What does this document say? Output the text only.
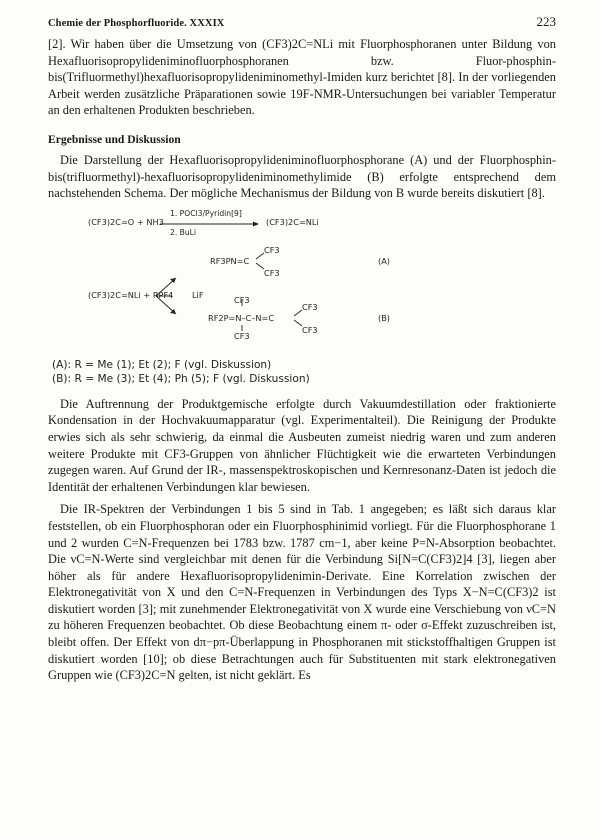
Chemie der Phosphorfluoride. XXXIX	223

[2]. Wir haben über die Umsetzung von (CF3)2C=NLi mit Fluorphosphoranen unter Bildung von Hexafluorisopropylideniminofluorphosphoranen bzw. Fluor-phosphin-bis(Trifluormethyl)hexafluorisopropylideniminomethyl-Imiden kurz berichtet [8]. In der vorliegenden Arbeit werden zusätzliche Präparationen sowie 19F-NMR-Untersuchungen bei variabler Temperatur an den erhaltenen Produkten beschrieben.

Ergebnisse und Diskussion

Die Darstellung der Hexafluorisopropylideniminofluorphosphorane (A) und der Fluorphosphin-bis(trifluormethyl)-hexafluorisopropylideniminomethylimide (B) erfolgte entsprechend dem nachstehenden Schema. Der mögliche Mechanismus der Bildung von B wurde bereits diskutiert [8].

(CF3)2C=O + NH3
1. POCl3/Pyridin[9]
2. BuLi
(CF3)2C=NLi
CF3
RF3PN=C
CF3
(A)
(CF3)2C=NLi + RPF4 LiF	CF3
CF3
RF2P=N–C–N=C
CF3
CF3
(B)
(A): R = Me (1); Et (2); F (vgl. Diskussion)
(B): R = Me (3); Et (4); Ph (5); F (vgl. Diskussion)

Die Auftrennung der Produktgemische erfolgte durch Vakuumdestillation oder fraktionierte Kondensation in der Hochvakuumapparatur (vgl. Experimentalteil). Die Reinigung der Produkte erwies sich als sehr schwierig, da einmal die Ausbeuten zumeist niedrig waren und zum anderen weitere Produkte mit CF3-Gruppen von ähnlicher Flüchtigkeit wie die erwarteten Verbindungen zugegen waren. Auf Grund der IR-, massenspektroskopischen und Kernresonanz-Daten ist jedoch die Identität der erhaltenen Verbindungen klar bewiesen.

Die IR-Spektren der Verbindungen 1 bis 5 sind in Tab. 1 angegeben; es läßt sich daraus klar feststellen, ob ein Fluorphosphoran oder ein Fluorphosphinimid vorliegt. Für die Fluorphosphorane 1 und 2 wurden C=N-Frequenzen bei 1783 bzw. 1787 cm−1, aber keine P=N-Absorption beobachtet. Die νC=N-Werte sind vergleichbar mit denen für die Verbindung Si[N=C(CF3)2]4 [3], liegen aber höher als für andere Hexafluorisopropylidenimin-Derivate. Eine Korrelation zwischen der Elektronegativität von X und den C=N-Frequenzen in Verbindungen des Typs X−N=C(CF3)2 ist diskutiert worden [3]; mit zunehmender Elektronegativität von X wurde eine Verschiebung von νC=N zu höheren Frequenzen beobachtet. Ob diese Beobachtung einem π- oder σ-Effekt zuzuschreiben ist, bleibt offen. Der Effekt von dπ−pπ-Überlappung in Phosphoranen mit stickstoffhaltigen Gruppen ist diskutiert worden [10]; ob diese Betrachtungen auch für Substituenten mit stark elektronegativen Gruppen wie (CF3)2C=N gelten, ist nicht geklärt. Es
